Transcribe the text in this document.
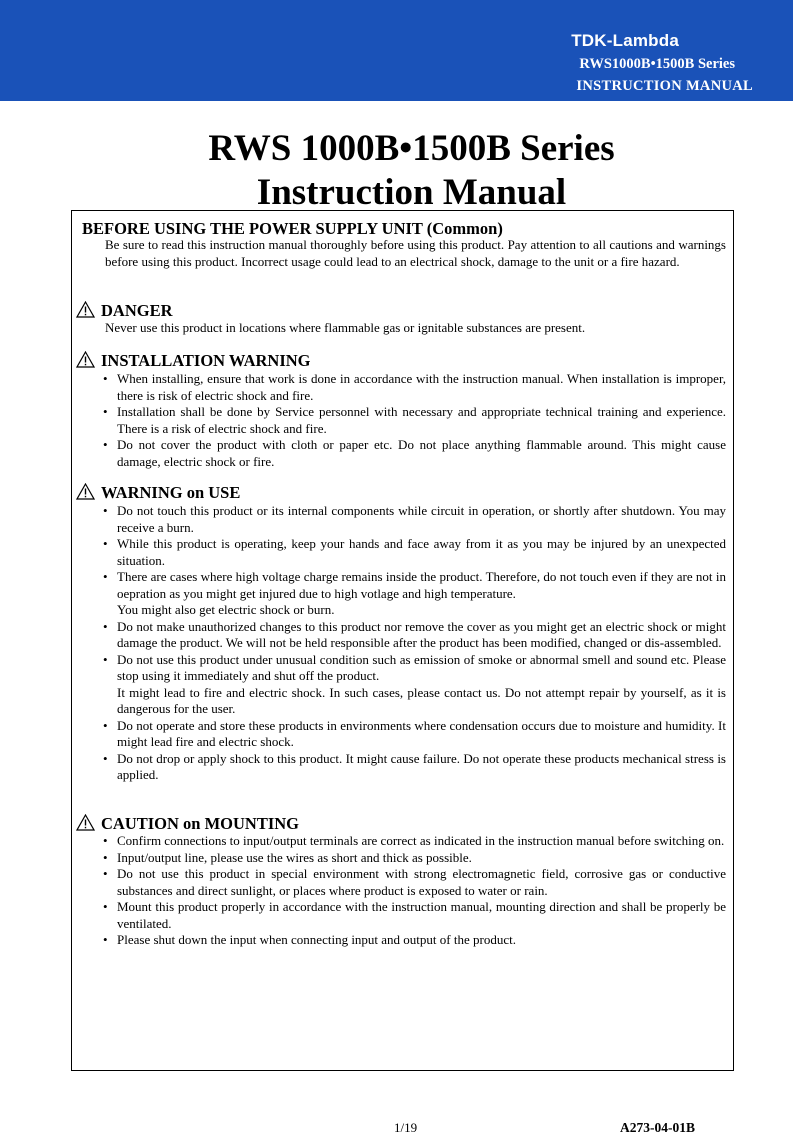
TDK-Lambda
RWS1000B•1500B Series
INSTRUCTION MANUAL
RWS 1000B•1500B Series
Instruction Manual
BEFORE USING THE POWER SUPPLY UNIT (Common)
Be sure to read this instruction manual thoroughly before using this product. Pay attention to all cautions and warnings before using this product. Incorrect usage could lead to an electrical shock, damage to the unit or a fire hazard.
DANGER
Never use this product in locations where flammable gas or ignitable substances are present.
INSTALLATION WARNING
• When installing, ensure that work is done in accordance with the instruction manual. When installation is improper, there is risk of electric shock and fire.
• Installation shall be done by Service personnel with necessary and appropriate technical training and experience. There is a risk of electric shock and fire.
• Do not cover the product with cloth or paper etc. Do not place anything flammable around. This might cause damage, electric shock or fire.
WARNING on USE
• Do not touch this product or its internal components while circuit in operation, or shortly after shutdown. You may receive a burn.
• While this product is operating, keep your hands and face away from it as you may be injured by an unexpected situation.
• There are cases where high voltage charge remains inside the product. Therefore, do not touch even if they are not in oepration as you might get injured due to high votlage and high temperature.
You might also get electric shock or burn.
• Do not make unauthorized changes to this product nor remove the cover as you might get an electric shock or might damage the product. We will not be held responsible after the product has been modified, changed or dis-assembled.
• Do not use this product under unusual condition such as emission of smoke or abnormal smell and sound etc. Please stop using it immediately and shut off the product.
It might lead to fire and electric shock. In such cases, please contact us. Do not attempt repair by yourself, as it is dangerous for the user.
• Do not operate and store these products in environments where condensation occurs due to moisture and humidity. It might lead fire and electric shock.
• Do not drop or apply shock to this product. It might cause failure. Do not operate these products mechanical stress is applied.
CAUTION on MOUNTING
• Confirm connections to input/output terminals are correct as indicated in the instruction manual before switching on.
• Input/output line, please use the wires as short and thick as possible.
• Do not use this product in special environment with strong electromagnetic field, corrosive gas or conductive substances and direct sunlight, or places where product is exposed to water or rain.
• Mount this product properly in accordance with the instruction manual, mounting direction and shall be properly be ventilated.
• Please shut down the input when connecting input and output of the product.
1/19	A273-04-01B
